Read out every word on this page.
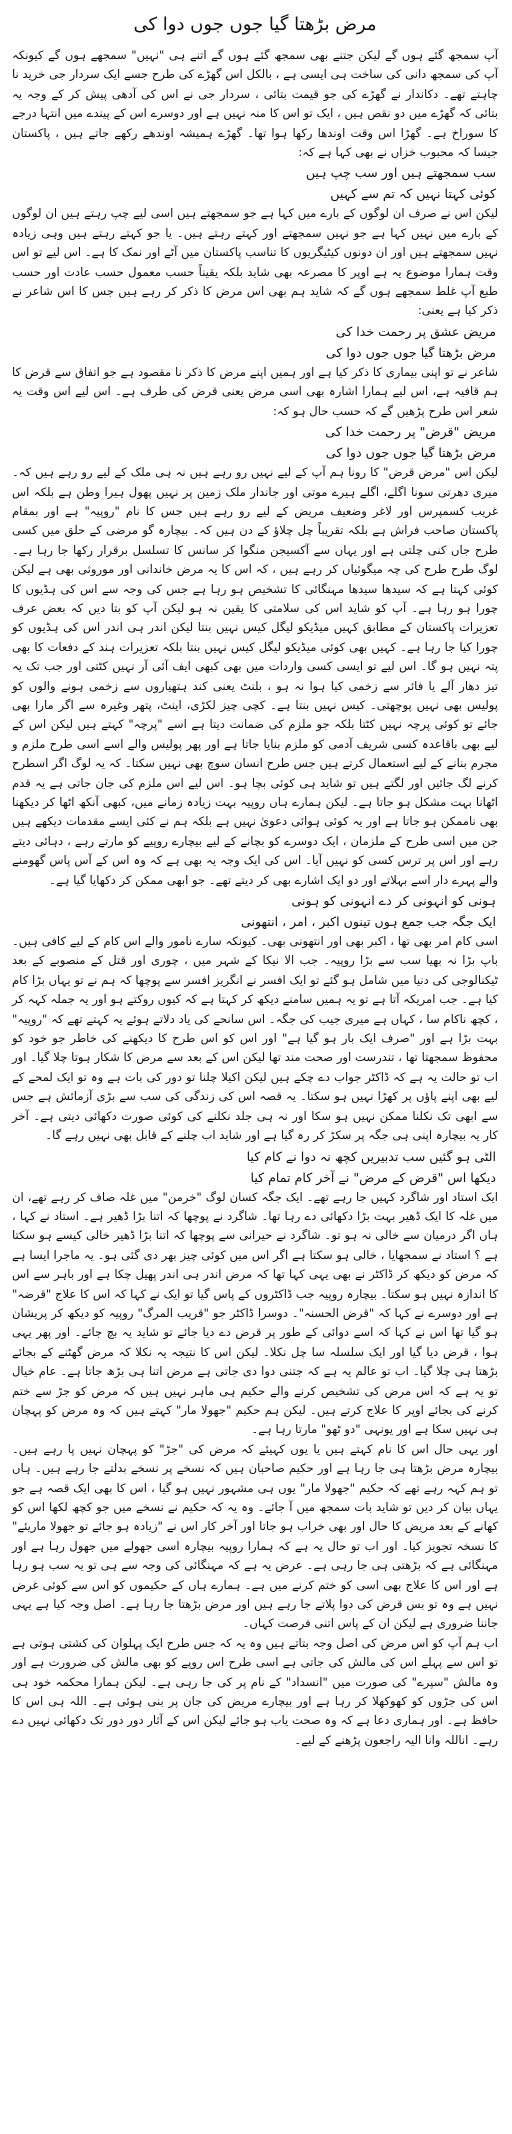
مرض بڑھتا گیا جوں جوں دوا کی

آپ سمجھ گئے ہوں گے لیکن جتنے بھی سمجھ گئے ہوں گے اتنے ہی "نہیں" سمجھے ہوں گے کیونکہ آپ کی سمجھ دانی کی ساخت ہی ایسی ہے ، بالکل اس گھڑے کی طرح جسے ایک سردار جی خرید نا چاہتے تھے۔ دکاندار نے گھڑے کی جو قیمت بتائی ، سردار جی نے اس کی آدھی پیش کر کے وجہ یہ بتائی کہ گھڑے میں دو نقص ہیں ، ایک تو اس کا منہ نہیں ہے اور دوسرے اس کے پیندے میں انتہا درجے کا سوراخ ہے۔ گھڑا اس وقت اوندھا رکھا ہوا تھا۔ گھڑے ہمیشہ اوندھے رکھے جاتے ہیں ، پاکستان جیسا کہ محبوب خزاں نے بھی کہا ہے کہ:

سب سمجھتے ہیں اور سب چپ ہیں

کوئی کہتا نہیں کہ تم سے کہیں

لیکن اس نے صرف ان لوگوں کے بارے میں کہا ہے جو سمجھتے ہیں اسی لیے چپ رہتے ہیں ان لوگوں کے بارے میں نہیں کہا ہے جو نہیں سمجھتے اور کہتے رہتے ہیں۔ یا جو کہتے رہتے ہیں وہی زیادہ نہیں سمجھتے ہیں اور ان دونوں کیٹیگریوں کا تناسب پاکستان میں آٹے اور نمک کا ہے۔ اس لیے تو اس وقت ہمارا موضوع یہ ہے اوپر کا مصرعہ بھی شاید بلکہ یقیناً حسب معمول حسب عادت اور حسب طبع آپ غلط سمجھے ہوں گے کہ شاید ہم بھی اس مرض کا ذکر کر رہے ہیں جس کا اس شاعر نے ذکر کیا ہے یعنی:

مریض عشق پر رحمت خدا کی

مرض بڑھتا گیا جوں جوں دوا کی

شاعر نے تو اپنی بیماری کا ذکر کیا ہے اور ہمیں اپنے مرض کا ذکر نا مقصود ہے جو اتفاق سے قرض کا ہم قافیہ ہے، اس لیے ہمارا اشارہ بھی اسی مرض یعنی قرض کی طرف ہے۔ اس لیے اس وقت یہ شعر اس طرح پڑھیں گے کہ حسب حال ہو کہ:

مریض "قرض" پر رحمت خدا کی

مرض بڑھتا گیا جوں جوں دوا کی

لیکن اس "مرض قرض" کا رونا ہم آپ کے لیے نہیں رو رہے ہیں نہ ہی ملک کے لیے رو رہے ہیں کہ۔ میری دھرتی سونا اگلے، اگلے ہیرے موتی اور جاندار ملک زمین پر نہیں پھول ہیرا وطن ہے بلکہ اس غریب کسمپرس اور لاغر وضعیف مریض کے لیے رو رہے ہیں جس کا نام "روپیہ" ہے اور بمقام پاکستان صاحب فراش ہے بلکہ تقریباً چل چلاؤ کے دن ہیں کہ۔ بیچارہ گو مرضی کے حلق میں کسی طرح جاں کنی چلتی ہے اور یہاں سے آکسیجن منگوا کر سانس کا تسلسل برقرار رکھا جا رہا ہے۔ لوگ طرح طرح کی چہ میگوئیاں کر رہے ہیں ، کہ اس کا یہ مرض خاندانی اور موروثی بھی ہے لیکن کوئی کہتا ہے کہ سیدھا سیدھا مہنگائی کا تشخیص ہو رہا ہے جس کی وجہ سے اس کی ہڈیوں کا چورا ہو رہا ہے۔ آپ کو شاید اس کی سلامتی کا یقین نہ ہو لیکن آپ کو بتا دیں کہ بعض عرف تعزیرات پاکستان کے مطابق کہیں میڈیکو لیگل کیس نہیں بنتا لیکن اندر ہی اندر اس کی ہڈیوں کو چورا کیا جا رہا ہے۔ کہیں بھی کوئی میڈیکو لیگل کیس نہیں بنتا بلکہ تعزیرات ہند کے دفعات کا بھی پتہ نہیں ہو گا۔ اس لیے تو ایسی کسی واردات میں بھی کبھی ایف آئی آر نہیں کٹتی اور جب تک یہ تیز دھار آلے یا فائر سے زخمی کیا ہوا نہ ہو ، بلنٹ یعنی کند ہتھیاروں سے زخمی ہونے والوں کو پولیس بھی نہیں پوچھتی۔ کیس نہیں بنتا ہے۔ کچی چیز لکڑی، اینٹ، پتھر وغیرہ سے اگر مارا بھی جائے تو کوئی پرچہ نہیں کٹتا بلکہ جو ملزم کی ضمانت دیتا ہے اسے "پرچہ" کہتے ہیں لیکن اس کے لیے بھی باقاعدہ کسی شریف آدمی کو ملزم بنایا جاتا ہے اور پھر پولیس والے اسے اسی طرح ملزم و مجرم بنانے کے لیے استعمال کرتے ہیں جس طرح انسان سوچ بھی نہیں سکتا۔ کہ یہ لوگ اگر اسطرح کرنے لگ جائیں اور لگتے ہیں تو شاید ہی کوئی بچا ہو۔ اس لیے اس ملزم کی جان جاتی ہے یہ قدم اٹھانا بہت مشکل ہو جاتا ہے۔ لیکن ہمارے ہاں روپیہ بہت زیادہ زمانے میں، کبھی آنکھ اٹھا کر دیکھنا بھی ناممکن ہو جاتا ہے اور یہ کوئی ہوائی دعویٰ نہیں ہے بلکہ ہم نے کئی ایسے مقدمات دیکھے ہیں جن میں اسی طرح کے ملزمان ، ایک دوسرے کو بچانے کے لیے بیچارے روپیے کو مارتے رہے ، دہائی دیتے رہے اور اس پر ترس کسی کو نہیں آیا۔ اس کی ایک وجہ یہ بھی ہے کہ وہ اس کے آس پاس گھومنے والے پہرے دار اسے بہلاتے اور دو ایک اشارے بھی کر دیتے تھے۔ جو ابھی ممکن کر دکھایا گیا ہے۔

ہونی کو انہونی کر دے انہونی کو ہونی

ایک جگہ جب جمع ہوں تینوں اکبر ، امر ، انتھونی

اسی کام امر بھی تھا ، اکبر بھی اور انتھونی بھی۔ کیونکہ سارے نامور والے اس کام کے لیے کافی ہیں۔ باپ بڑا نہ بھیا سب سے بڑا روپیہ۔ جب الا نیکا کے شہر میں ، چوری اور قتل کے منصوبے کے بعد ٹیکنالوجی کی دنیا میں شامل ہو گئے تو ایک افسر نے انگریز افسر سے پوچھا کہ ہم نے تو یہاں بڑا کام کیا ہے۔ جب امریکہ آتا ہے تو یہ ہمیں سامنے دیکھ کر کہتا ہے کہ کیوں روکتے ہو اور یہ جملہ کہہ کر ، کچھ ناکام سا ، کہاں ہے میری جیب کی جگہ۔ اس سانحے کی یاد دلاتے ہوئے یہ کہتے تھے کہ "روپیہ" بہت بڑا ہے اور "صرف ایک بار ہو گیا ہے" اور اس کو اس طرح کا دیکھنے کی خاطر جو خود کو محفوظ سمجھتا تھا ، تندرست اور صحت مند تھا لیکن اس کے بعد سے مرض کا شکار ہوتا چلا گیا۔ اور اب تو حالت یہ ہے کہ ڈاکٹر جواب دے چکے ہیں لیکن اکیلا چلنا تو دور کی بات ہے وہ تو ایک لمحے کے لیے بھی اپنے پاؤں پر کھڑا نہیں ہو سکتا۔ یہ قصہ اس کی زندگی کی سب سے بڑی آزمائش ہے جس سے ابھی تک نکلنا ممکن نہیں ہو سکا اور نہ ہی جلد نکلنے کی کوئی صورت دکھائی دیتی ہے۔ آخر کار یہ بیچارہ اپنی ہی جگہ پر سکڑ کر رہ گیا ہے اور شاید اب چلنے کے قابل بھی نہیں رہے گا۔

الٹی ہو گئیں سب تدبیریں کچھ نہ دوا نے کام کیا

دیکھا اس "قرض کے مرض" نے آخر کام تمام کیا

ایک استاد اور شاگرد کہیں جا رہے تھے۔ ایک جگہ کسان لوگ "خرمن" میں غلہ صاف کر رہے تھے، ان میں غلہ کا ایک ڈھیر بہت بڑا دکھائی دے رہا تھا۔ شاگرد نے پوچھا کہ اتنا بڑا ڈھیر ہے۔ استاد نے کہا ، ہاں اگر درمیان سے خالی نہ ہو تو۔ شاگرد نے حیرانی سے پوچھا کہ اتنا بڑا ڈھیر خالی کیسے ہو سکتا ہے ؟ استاد نے سمجھایا ، خالی ہو سکتا ہے اگر اس میں کوئی چیز بھر دی گئی ہو۔ یہ ماجرا ایسا ہے کہ مرض کو دیکھ کر ڈاکٹر نے بھی یہی کہا تھا کہ مرض اندر ہی اندر پھیل چکا ہے اور باہر سے اس کا اندازہ نہیں ہو سکتا۔ بیچارہ روپیہ جب ڈاکٹروں کے پاس گیا تو ایک نے کہا کہ اس کا علاج "قرضہ" ہے اور دوسرے نے کہا کہ "قرض الحسنہ"۔ دوسرا ڈاکٹر جو "قریب المرگ" روپیہ کو دیکھ کر پریشان ہو گیا تھا اس نے کہا کہ اسے دوائی کے طور پر قرض دے دیا جائے تو شاید یہ بچ جائے۔ اور پھر یہی ہوا ، قرض دیا گیا اور ایک سلسلہ سا چل نکلا۔ لیکن اس کا نتیجہ یہ نکلا کہ مرض گھٹنے کے بجائے بڑھتا ہی چلا گیا۔ اب تو عالم یہ ہے کہ جتنی دوا دی جاتی ہے مرض اتنا ہی بڑھ جاتا ہے۔ عام خیال تو یہ ہے کہ اس مرض کی تشخیص کرنے والے حکیم ہی ماہر نہیں ہیں کہ مرض کو جڑ سے ختم کرنے کی بجائے اوپر کا علاج کرتے ہیں۔ لیکن ہم حکیم "جھولا مار" کہتے ہیں کہ وہ مرض کو پہچان ہی نہیں سکا ہے اور یونہی "دو ٹھو" مارتا رہا ہے۔

اور یہی حال اس کا نام کہتے ہیں یا یوں کہیئے کہ مرض کی "جڑ" کو پہچان نہیں پا رہے ہیں۔ بیچارہ مرض بڑھتا ہی جا رہا ہے اور حکیم صاحبان ہیں کہ نسخے پر نسخے بدلتے جا رہے ہیں۔ ہاں تو ہم کہہ رہے تھے کہ حکیم "جھولا مار" یوں ہی مشہور نہیں ہو گیا ، اس کا بھی ایک قصہ ہے جو یہاں بیان کر دیں تو شاید بات سمجھ میں آ جائے۔ وہ یہ کہ حکیم نے نسخے میں جو کچھ لکھا اس کو کھانے کے بعد مریض کا حال اور بھی خراب ہو جاتا اور آخر کار اس نے "زیادہ ہو جائے تو جھولا ماریئے" کا نسخہ تجویز کیا۔ اور اب تو حال یہ ہے کہ ہمارا روپیہ بیچارہ اسی جھولے میں جھول رہا ہے اور مہنگائی ہے کہ بڑھتی ہی جا رہی ہے۔ عرض یہ ہے کہ مہنگائی کی وجہ سے ہی تو یہ سب ہو رہا ہے اور اس کا علاج بھی اسی کو ختم کرنے میں ہے۔ ہمارے ہاں کے حکیموں کو اس سے کوئی غرض نہیں ہے وہ تو بس قرض کی دوا پلاتے جا رہے ہیں اور مرض بڑھتا جا رہا ہے۔ اصل وجہ کیا ہے یہی جاننا ضروری ہے لیکن ان کے پاس اتنی فرصت کہاں۔

اب ہم آپ کو اس مرض کی اصل وجہ بتاتے ہیں وہ یہ کہ جس طرح ایک پہلوان کی کشتی ہوتی ہے تو اس سے پہلے اس کی مالش کی جاتی ہے اسی طرح اس روپے کو بھی مالش کی ضرورت ہے اور وہ مالش "سپرے" کی صورت میں "انسداد" کے نام پر کی جا رہی ہے۔ لیکن ہمارا محکمہ خود ہی اس کی جڑوں کو کھوکھلا کر رہا ہے اور بیچارے مریض کی جان پر بنی ہوئی ہے۔ اللہ ہی اس کا حافظ ہے۔ اور ہماری دعا ہے کہ وہ صحت یاب ہو جائے لیکن اس کے آثار دور دور تک دکھائی نہیں دے رہے۔ اناللہ وانا الیہ راجعون پڑھنے کے لیے۔
